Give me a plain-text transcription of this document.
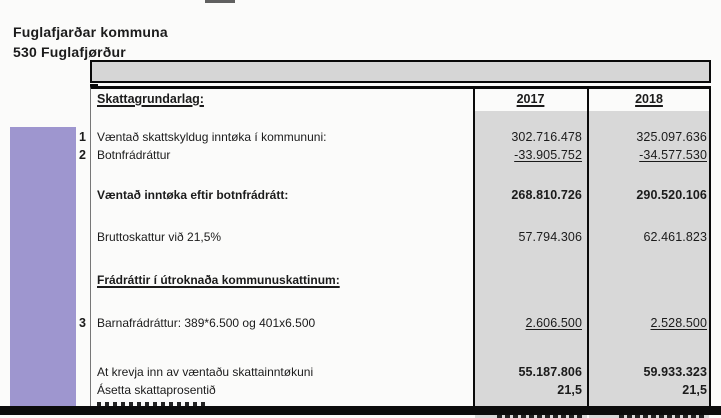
Fuglafjarðar kommuna
530 Fuglafjørður
Skattagrundarlag:	2017	2018
1 Væntað skattskyldug inntøka í kommununi:	302.716.478	325.097.636
2 Botnfrádráttur	-33.905.752	-34.577.530
Væntað inntøka eftir botnfrádrátt:	268.810.726	290.520.106
Bruttoskattur við 21,5%	57.794.306	62.461.823
Frádráttir í útroknaða kommunuskattinum:
3 Barnafrádráttur: 389*6.500 og 401x6.500	2.606.500	2.528.500
At krevja inn av væntaðu skattainntøkuni	55.187.806	59.933.323
Ásetta skattaprosentið	21,5	21,5
